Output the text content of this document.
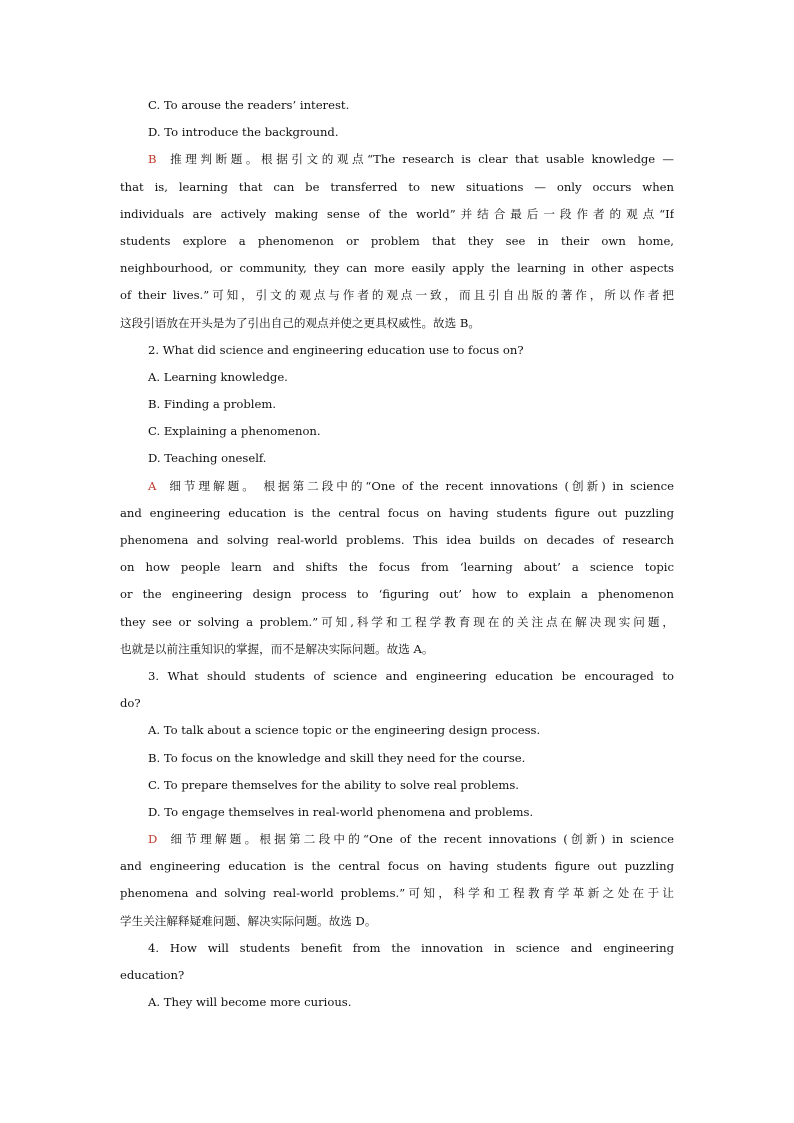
C. To arouse the readers’ interest.
D. To introduce the background.
B 推理判断题。根据引文的观点“The research is clear that usable knowledge —
that is, learning that can be transferred to new situations — only occurs when
individuals are actively making sense of the world”并结合最后一段作者的观点“If
students explore a phenomenon or problem that they see in their own home,
neighbourhood, or community, they can more easily apply the learning in other aspects
of their lives.”可知，引文的观点与作者的观点一致，而且引自出版的著作，所以作者把
这段引语放在开头是为了引出自己的观点并使之更具权威性。故选 B。
2. What did science and engineering education use to focus on?
A. Learning knowledge.
B. Finding a problem.
C. Explaining a phenomenon.
D. Teaching oneself.
A 细节理解题。 根据第二段中的“One of the recent innovations (创新) in science
and engineering education is the central focus on having students figure out puzzling
phenomena and solving real-world problems. This idea builds on decades of research
on how people learn and shifts the focus from ‘learning about’ a science topic
or the engineering design process to ‘figuring out’ how to explain a phenomenon
they see or solving a problem.”可知,科学和工程学教育现在的关注点在解决现实问题，
也就是以前注重知识的掌握，而不是解决实际问题。故选 A。
3. What should students of science and engineering education be encouraged to
do?
A. To talk about a science topic or the engineering design process.
B. To focus on the knowledge and skill they need for the course.
C. To prepare themselves for the ability to solve real problems.
D. To engage themselves in real-world phenomena and problems.
D 细节理解题。根据第二段中的“One of the recent innovations (创新) in science
and engineering education is the central focus on having students figure out puzzling
phenomena and solving real-world problems.”可知，科学和工程教育学革新之处在于让
学生关注解释疑难问题、解决实际问题。故选 D。
4. How will students benefit from the innovation in science and engineering
education?
A. They will become more curious.
